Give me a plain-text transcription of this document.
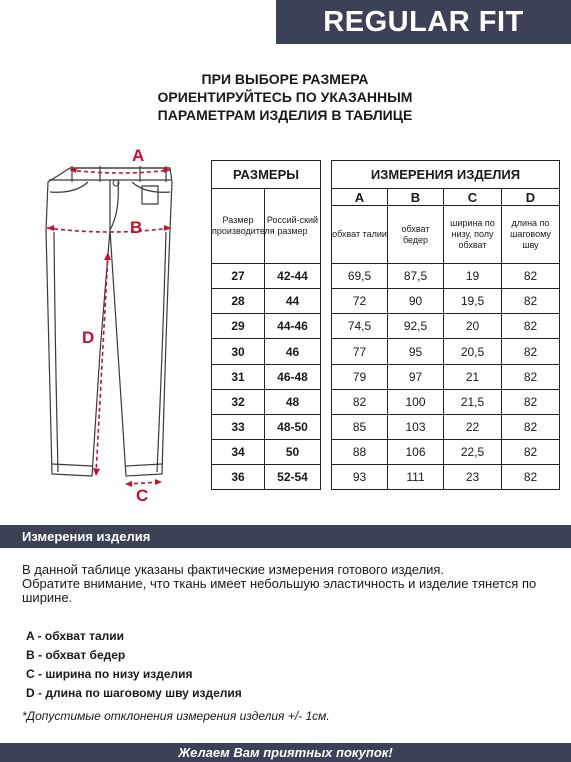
REGULAR FIT
ПРИ ВЫБОРЕ РАЗМЕРА
ОРИЕНТИРУЙТЕСЬ ПО УКАЗАННЫМ
ПАРАМЕТРАМ ИЗДЕЛИЯ В ТАБЛИЦЕ
A
B
D
C
РАЗМЕРЫ			ИЗМЕРЕНИЯ ИЗДЕЛИЯ			
Размер производителя	Россий-ский размер		A	B	C	D
			обхват талии	обхват бедер	ширина по низу, полу обхват	длина по шаговому шву
27	42-44		69,5	87,5	19	82
28	44		72	90	19,5	82
29	44-46		74,5	92,5	20	82
30	46		77	95	20,5	82
31	46-48		79	97	21	82
32	48		82	100	21,5	82
33	48-50		85	103	22	82
34	50		88	106	22,5	82
36	52-54		93	111	23	82
Измерения изделия
В данной таблице указаны фактические измерения готового изделия.
Обратите внимание, что ткань имеет небольшую эластичность и изделие тянется по ширине.
A - обхват талии
B - обхват бедер
C - ширина по низу изделия
D - длина по шаговому шву изделия
*Допустимые отклонения измерения изделия +/- 1см.
Желаем Вам приятных покупок!
